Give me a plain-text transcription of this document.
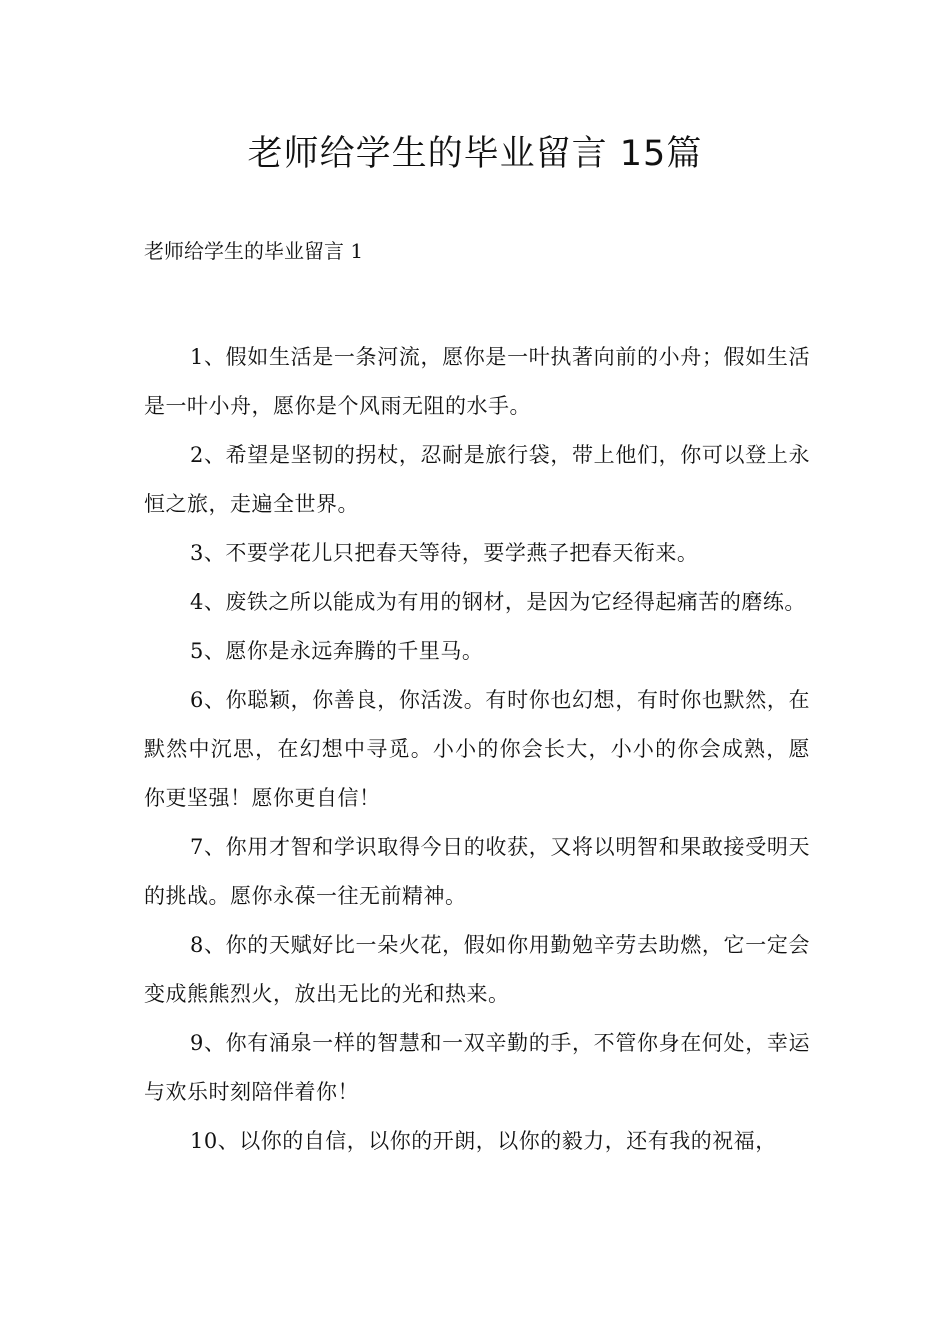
老师给学生的毕业留言 15篇
老师给学生的毕业留言 1

1、假如生活是一条河流，愿你是一叶执著向前的小舟；假如生活是一叶小舟，愿你是个风雨无阻的水手。

2、希望是坚韧的拐杖，忍耐是旅行袋，带上他们，你可以登上永恒之旅，走遍全世界。

3、不要学花儿只把春天等待，要学燕子把春天衔来。

4、废铁之所以能成为有用的钢材，是因为它经得起痛苦的磨练。

5、愿你是永远奔腾的千里马。

6、你聪颖，你善良，你活泼。有时你也幻想，有时你也默然，在默然中沉思，在幻想中寻觅。小小的你会长大，小小的你会成熟，愿你更坚强！愿你更自信！

7、你用才智和学识取得今日的收获，又将以明智和果敢接受明天的挑战。愿你永葆一往无前精神。

8、你的天赋好比一朵火花，假如你用勤勉辛劳去助燃，它一定会变成熊熊烈火，放出无比的光和热来。

9、你有涌泉一样的智慧和一双辛勤的手，不管你身在何处，幸运与欢乐时刻陪伴着你！

10、以你的自信，以你的开朗，以你的毅力，还有我的祝福，
